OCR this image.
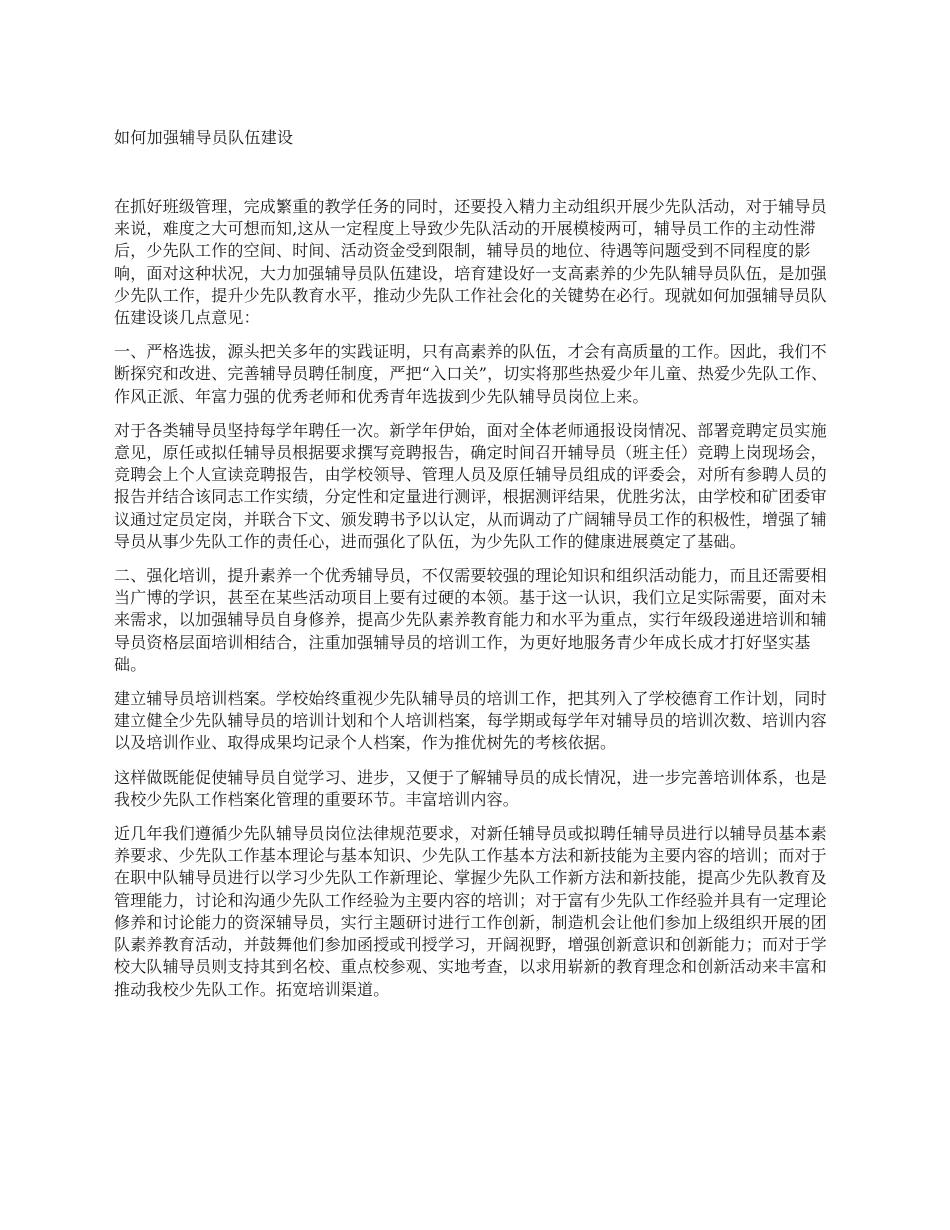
如何加强辅导员队伍建设

在抓好班级管理，完成繁重的教学任务的同时，还要投入精力主动组织开展少先队活动，对于辅导员来说，难度之大可想而知,这从一定程度上导致少先队活动的开展模棱两可，辅导员工作的主动性滞后，少先队工作的空间、时间、活动资金受到限制，辅导员的地位、待遇等问题受到不同程度的影响，面对这种状况，大力加强辅导员队伍建设，培育建设好一支高素养的少先队辅导员队伍，是加强少先队工作，提升少先队教育水平，推动少先队工作社会化的关键势在必行。现就如何加强辅导员队伍建设谈几点意见：

一、严格选拔，源头把关多年的实践证明，只有高素养的队伍，才会有高质量的工作。因此，我们不断探究和改进、完善辅导员聘任制度，严把“入口关”，切实将那些热爱少年儿童、热爱少先队工作、作风正派、年富力强的优秀老师和优秀青年选拔到少先队辅导员岗位上来。

对于各类辅导员坚持每学年聘任一次。新学年伊始，面对全体老师通报设岗情况、部署竞聘定员实施意见，原任或拟任辅导员根据要求撰写竞聘报告，确定时间召开辅导员（班主任）竞聘上岗现场会，竞聘会上个人宣读竞聘报告，由学校领导、管理人员及原任辅导员组成的评委会，对所有参聘人员的报告并结合该同志工作实绩，分定性和定量进行测评，根据测评结果，优胜劣汰，由学校和矿团委审议通过定员定岗，并联合下文、颁发聘书予以认定，从而调动了广阔辅导员工作的积极性，增强了辅导员从事少先队工作的责任心，进而强化了队伍，为少先队工作的健康进展奠定了基础。

二、强化培训，提升素养一个优秀辅导员，不仅需要较强的理论知识和组织活动能力，而且还需要相当广博的学识，甚至在某些活动项目上要有过硬的本领。基于这一认识，我们立足实际需要，面对未来需求，以加强辅导员自身修养，提高少先队素养教育能力和水平为重点，实行年级段递进培训和辅导员资格层面培训相结合，注重加强辅导员的培训工作，为更好地服务青少年成长成才打好坚实基础。

建立辅导员培训档案。学校始终重视少先队辅导员的培训工作，把其列入了学校德育工作计划，同时建立健全少先队辅导员的培训计划和个人培训档案，每学期或每学年对辅导员的培训次数、培训内容以及培训作业、取得成果均记录个人档案，作为推优树先的考核依据。

这样做既能促使辅导员自觉学习、进步，又便于了解辅导员的成长情况，进一步完善培训体系，也是我校少先队工作档案化管理的重要环节。丰富培训内容。

近几年我们遵循少先队辅导员岗位法律规范要求，对新任辅导员或拟聘任辅导员进行以辅导员基本素养要求、少先队工作基本理论与基本知识、少先队工作基本方法和新技能为主要内容的培训；而对于在职中队辅导员进行以学习少先队工作新理论、掌握少先队工作新方法和新技能，提高少先队教育及管理能力，讨论和沟通少先队工作经验为主要内容的培训；对于富有少先队工作经验并具有一定理论修养和讨论能力的资深辅导员，实行主题研讨进行工作创新，制造机会让他们参加上级组织开展的团队素养教育活动，并鼓舞他们参加函授或刊授学习，开阔视野，增强创新意识和创新能力；而对于学校大队辅导员则支持其到名校、重点校参观、实地考查，以求用崭新的教育理念和创新活动来丰富和推动我校少先队工作。拓宽培训渠道。
